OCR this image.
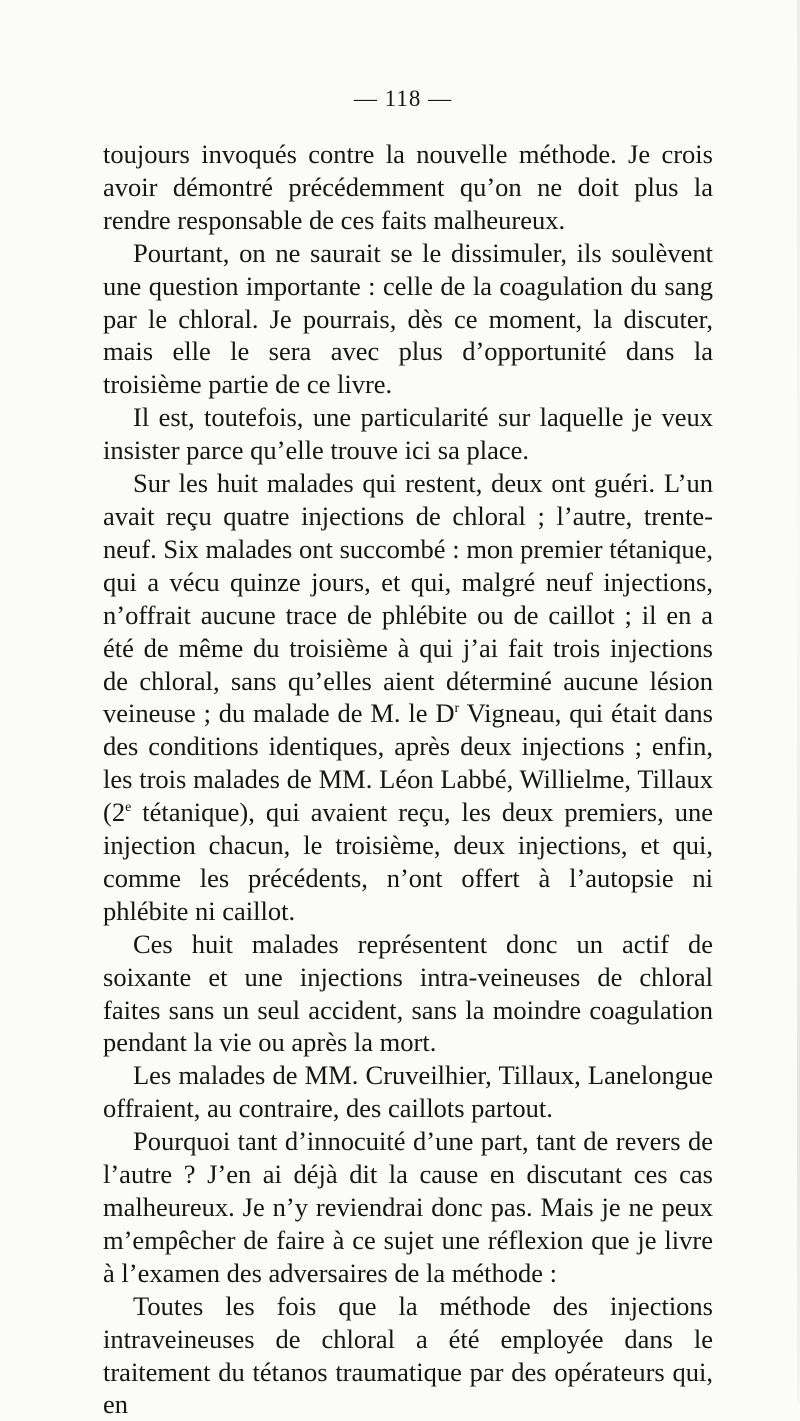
— 118 —

toujours invoqués contre la nouvelle méthode. Je crois avoir démontré précédemment qu’on ne doit plus la rendre responsable de ces faits malheureux.

Pourtant, on ne saurait se le dissimuler, ils soulèvent une question importante : celle de la coagulation du sang par le chloral. Je pourrais, dès ce moment, la discuter, mais elle le sera avec plus d’opportunité dans la troisième partie de ce livre.

Il est, toutefois, une particularité sur laquelle je veux insister parce qu’elle trouve ici sa place.

Sur les huit malades qui restent, deux ont guéri. L’un avait reçu quatre injections de chloral ; l’autre, trente-neuf. Six malades ont succombé : mon premier tétanique, qui a vécu quinze jours, et qui, malgré neuf injections, n’offrait aucune trace de phlébite ou de caillot ; il en a été de même du troisième à qui j’ai fait trois injections de chloral, sans qu’elles aient déterminé aucune lésion veineuse ; du malade de M. le $D^r$ Vigneau, qui était dans des conditions identiques, après deux injections ; enfin, les trois malades de MM. Léon Labbé, Willielme, Tillaux (2e tétanique), qui avaient reçu, les deux premiers, une injection chacun, le troisième, deux injections, et qui, comme les précédents, n’ont offert à l’autopsie ni phlébite ni caillot.

Ces huit malades représentent donc un actif de soixante et une injections intra-veineuses de chloral faites sans un seul accident, sans la moindre coagulation pendant la vie ou après la mort.

Les malades de MM. Cruveilhier, Tillaux, Lanelongue offraient, au contraire, des caillots partout.

Pourquoi tant d’innocuité d’une part, tant de revers de l’autre ? J’en ai déjà dit la cause en discutant ces cas malheureux. Je n’y reviendrai donc pas. Mais je ne peux m’empêcher de faire à ce sujet une réflexion que je livre à l’examen des adversaires de la méthode :

Toutes les fois que la méthode des injections intraveineuses de chloral a été employée dans le traitement du tétanos traumatique par des opérateurs qui, en
